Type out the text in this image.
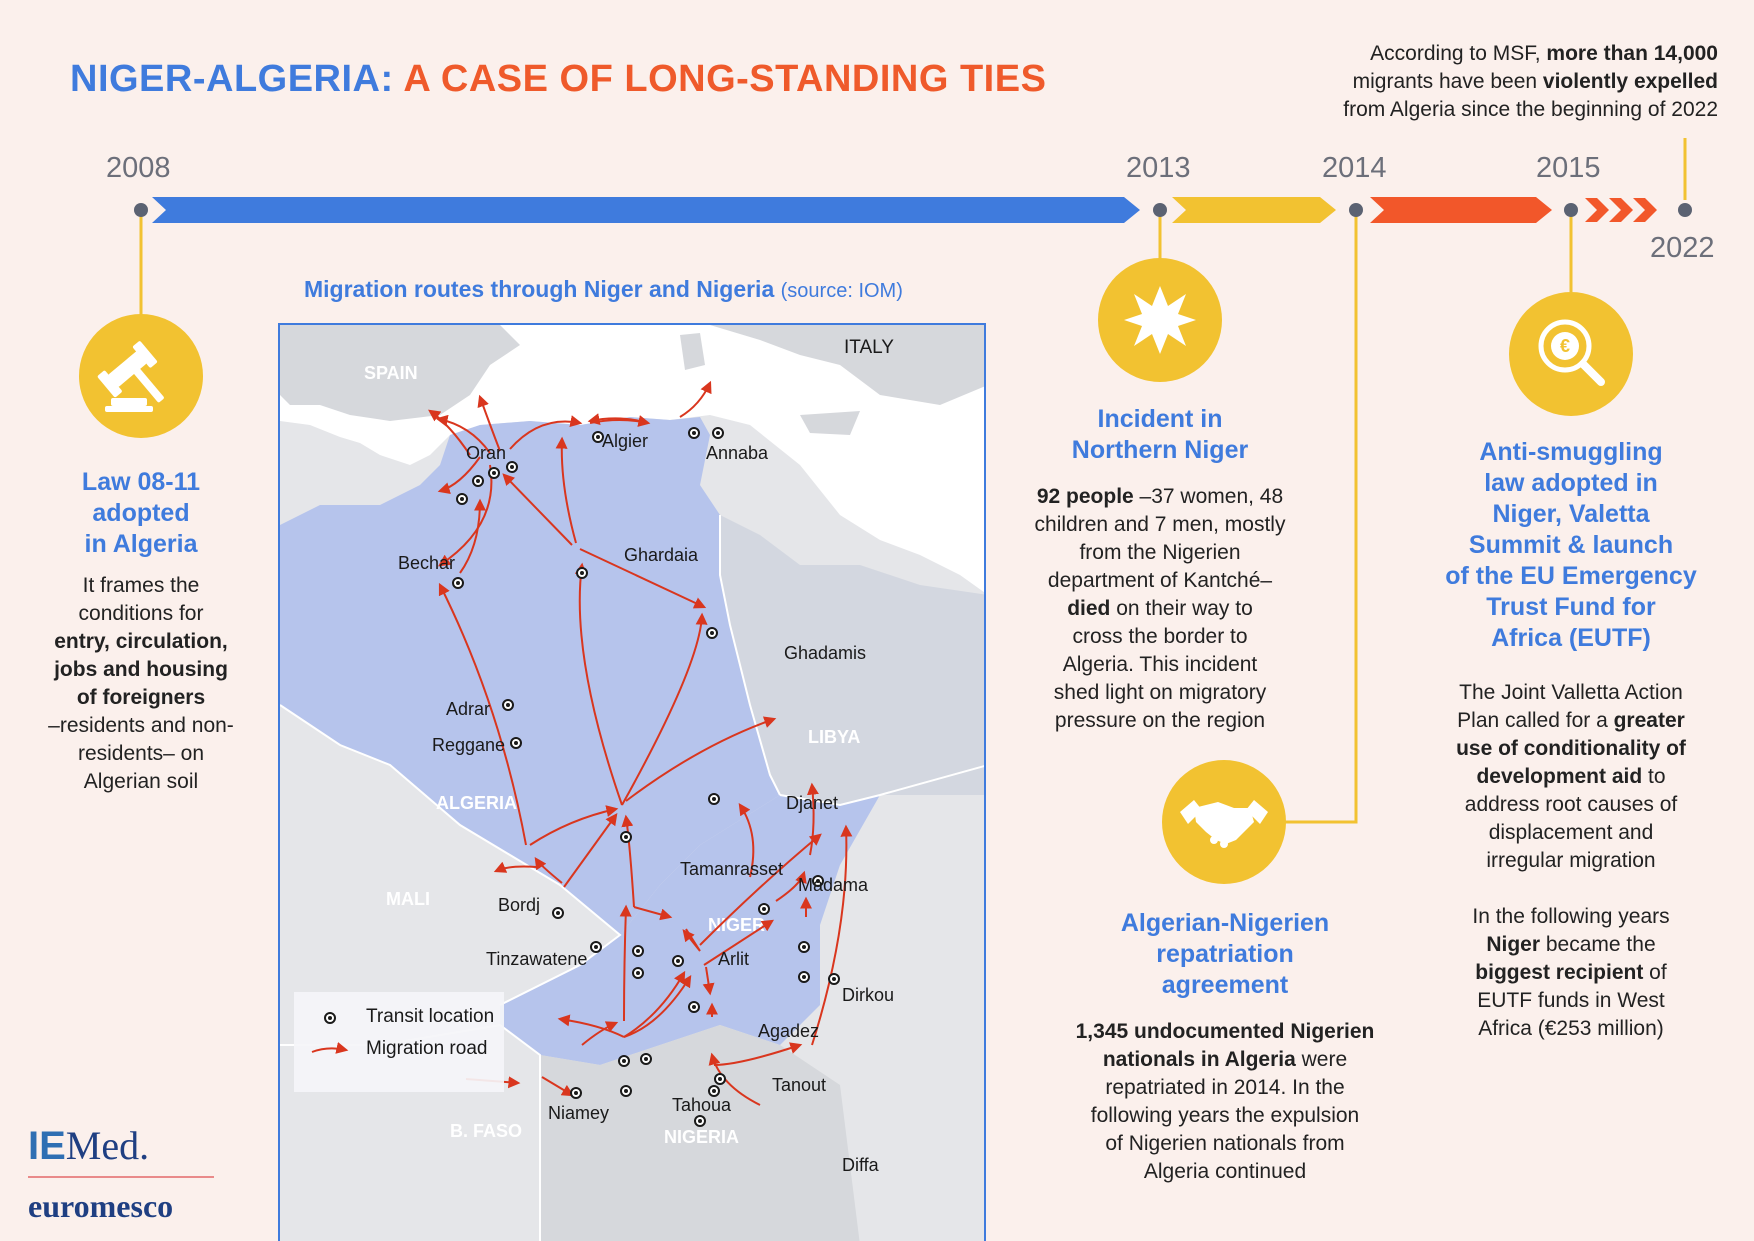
NIGER-ALGERIA: A CASE OF LONG-STANDING TIES
According to MSF, more than 14,000
migrants have been violently expelled
from Algeria since the beginning of 2022
2008	2013	2014	2015
2022
€
Law 08-11
adopted
in Algeria
It frames the
conditions for
entry, circulation,
jobs and housing
of foreigners
–residents and non-
residents– on
Algerian soil
Incident in
Northern Niger
92 people –37 women, 48
children and 7 men, mostly
from the Nigerien
department of Kantché–
died on their way to
cross the border to
Algeria. This incident
shed light on migratory
pressure on the region
Algerian-Nigerien
repatriation
agreement
1,345 undocumented Nigerien
nationals in Algeria were
repatriated in 2014. In the
following years the expulsion
of Nigerien nationals from
Algeria continued
Anti-smuggling
law adopted in
Niger, Valetta
Summit & launch
of the EU Emergency
Trust Fund for
Africa (EUTF)
The Joint Valletta Action
Plan called for a greater
use of conditionality of
development aid to
address root causes of
displacement and
irregular migration
In the following years
Niger became the
biggest recipient of
EUTF funds in West
Africa (€253 million)
Migration routes through Niger and Nigeria (source: IOM)
SPAIN
LIBYA
ALGERIA
MALI
NIGER
B. FASO	NIGERIA
ITALY
Oran
Algier
Annaba
Bechar	Ghardaia
Ghadamis
Adrar
Reggane
Djanet
Tamanrasset
Madama
Bordj
Tinzawatene	Arlit
Dirkou
Agadez
Tanout
Niamey	Tahoua
Diffa
Transit location
Migration road
IEMed.
euromesco
